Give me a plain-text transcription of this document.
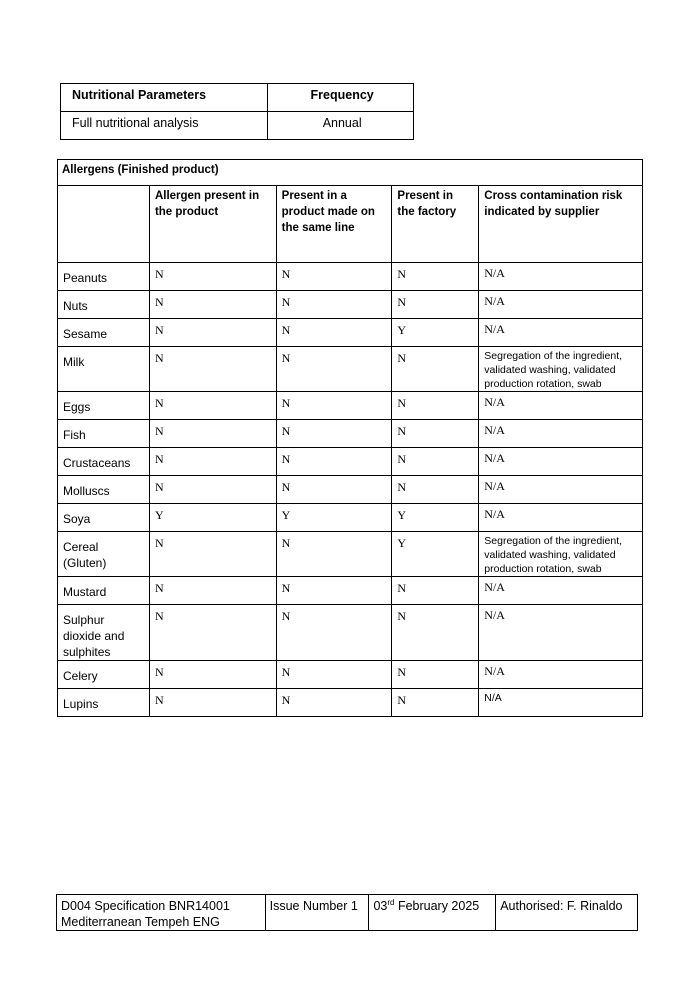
Nutritional Parameters	Frequency
Full nutritional analysis	Annual
Allergens (Finished product)				
	Allergen present in the product	Present in a product made on the same line	Present in the factory	Cross contamination risk indicated by supplier
Peanuts	N	N	N	N/A
Nuts	N	N	N	N/A
Sesame	N	N	Y	N/A
Milk	N	N	N	Segregation of the ingredient, validated washing, validated production rotation, swab
Eggs	N	N	N	N/A
Fish	N	N	N	N/A
Crustaceans	N	N	N	N/A
Molluscs	N	N	N	N/A
Soya	Y	Y	Y	N/A
Cereal (Gluten)	N	N	Y	Segregation of the ingredient, validated washing, validated production rotation, swab
Mustard	N	N	N	N/A
Sulphur dioxide and sulphites	N	N	N	N/A
Celery	N	N	N	N/A
Lupins	N	N	N	N/A
D004 Specification BNR14001 Mediterranean Tempeh ENG	Issue Number 1	03rd February 2025	Authorised: F. Rinaldo
